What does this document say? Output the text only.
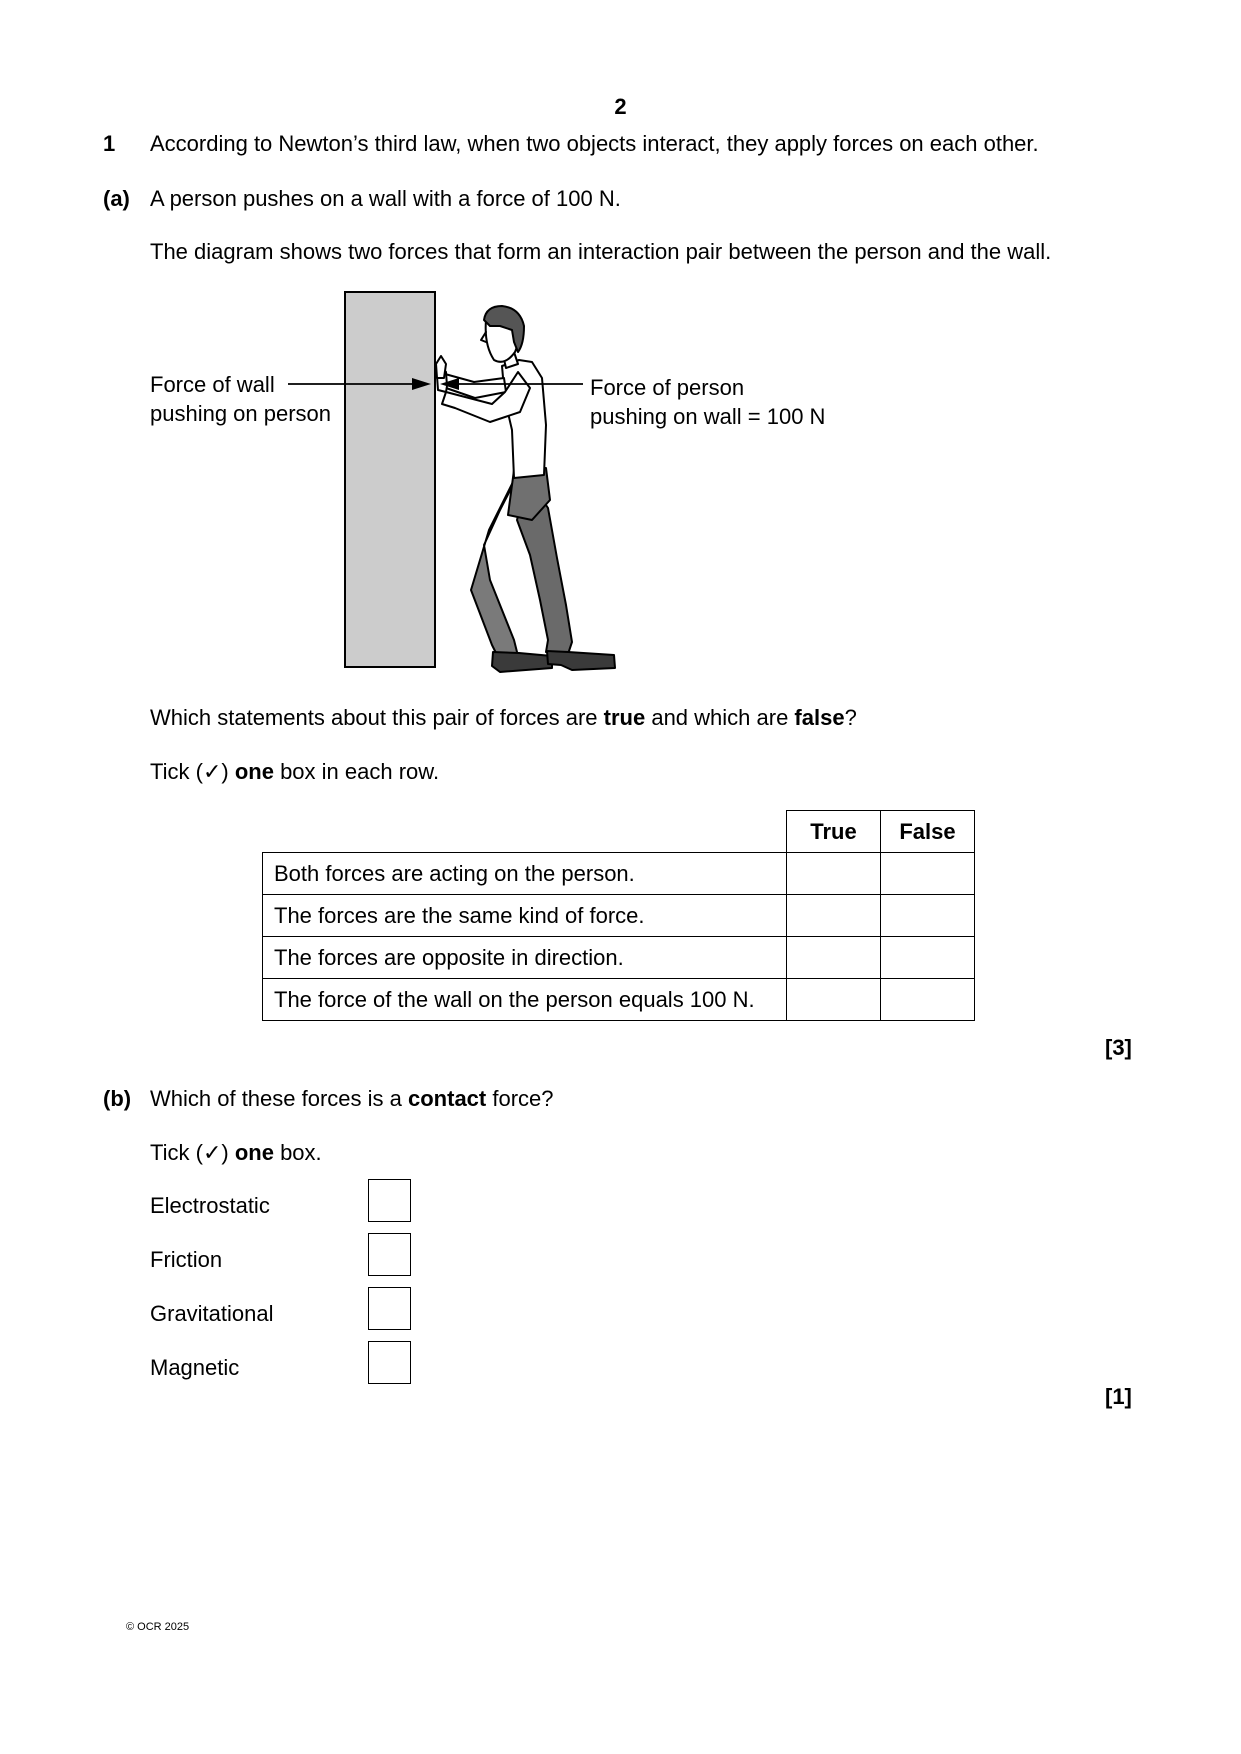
2
1 According to Newton’s third law, when two objects interact, they apply forces on each other.
(a) A person pushes on a wall with a force of 100 N.
The diagram shows two forces that form an interaction pair between the person and the wall.
Force of wall
pushing on person
Force of person
pushing on wall = 100 N
Which statements about this pair of forces are true and which are false?
Tick (✓) one box in each row.
	True	False
Both forces are acting on the person.		
The forces are the same kind of force.		
The forces are opposite in direction.		
The force of the wall on the person equals 100 N.		
[3]
(b) Which of these forces is a contact force?
Tick (✓) one box.
Electrostatic
Friction
Gravitational
Magnetic
[1]
© OCR 2025
